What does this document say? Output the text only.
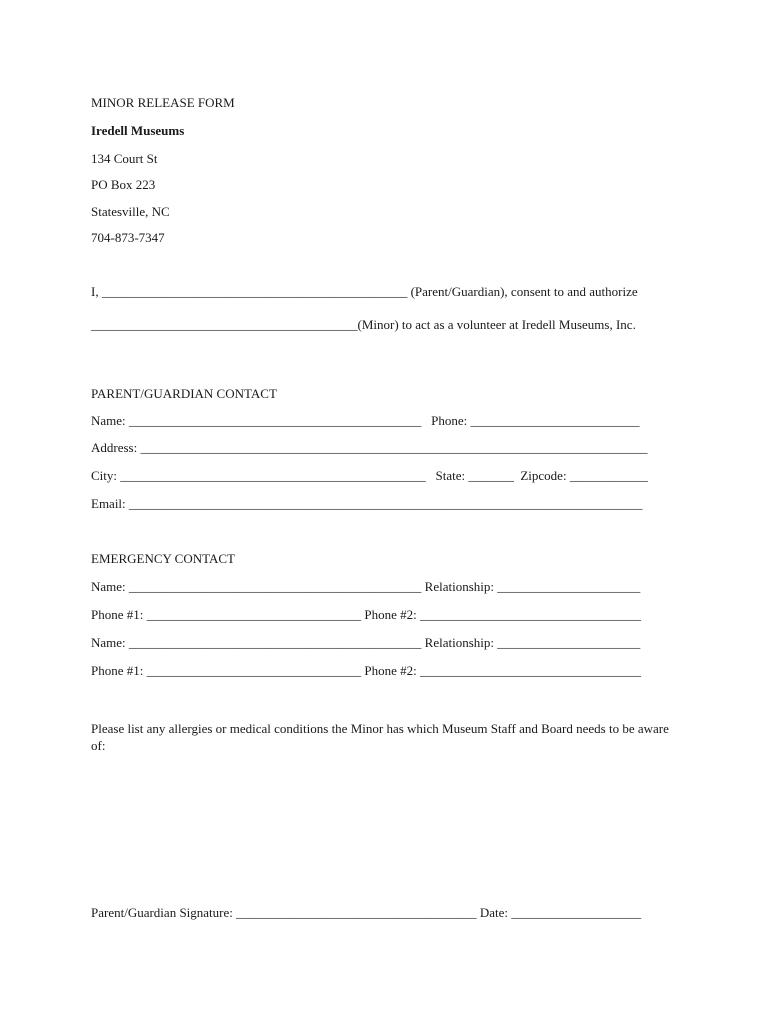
MINOR RELEASE FORM
Iredell Museums
134 Court St
PO Box 223
Statesville, NC
704-873-7347
I, _______________________________________________ (Parent/Guardian), consent to and authorize
_________________________________________(Minor) to act as a volunteer at Iredell Museums, Inc.
PARENT/GUARDIAN CONTACT
Name: _____________________________________________   Phone: __________________________
Address: ______________________________________________________________________________
City: _______________________________________________   State: _______  Zipcode: ____________
Email: _______________________________________________________________________________
EMERGENCY CONTACT
Name: _____________________________________________ Relationship: ______________________
Phone #1: _________________________________ Phone #2: __________________________________
Name: _____________________________________________ Relationship: ______________________
Phone #1: _________________________________ Phone #2: __________________________________
Please list any allergies or medical conditions the Minor has which Museum Staff and Board needs to be aware of:
Parent/Guardian Signature: _____________________________________ Date: ____________________
